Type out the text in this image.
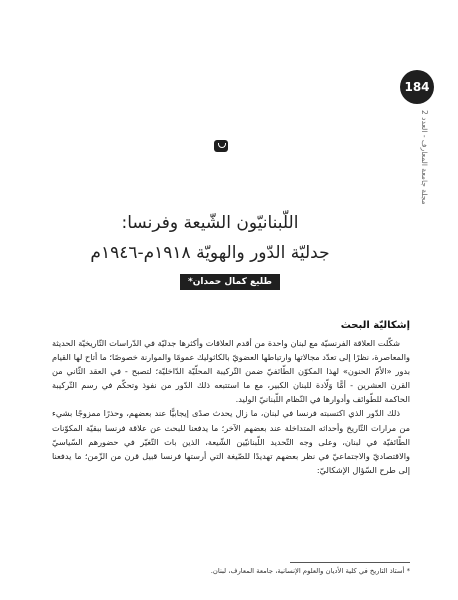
184
مجلة جامعة المعارف - العدد 2
اللّبنانيّون الشّيعة وفرنسا:
جدليّة الدّور والهويّة ١٩١٨م-١٩٤٦م
طليع كمال حمدان*
إشكاليّة البحث

شكّلت العلاقة الفرنسيّة مع لبنان واحدة من أقدم العلاقات وأكثرها جدليّة في الدّراسات التّاريخيّة الحديثة والمعاصرة، نظرًا إلى تعدّد مجالاتها وارتباطها العضويّ بالكاثوليك عمومًا والموارنة خصوصًا؛ ما أتاح لها القيام بدور «الأمّ الحنون» لهذا المكوّن الطّائفيّ ضمن التّركيبة المحلّيّة الدّاخليّة؛ لتصبح - في العقد الثّاني من القرن العشرين - أمًّا وَلّادة للبنان الكبير، مع ما استتبعه ذلك الدّور من نفوذ وتحكّم في رسم التّركيبة الحاكمة للطّوائف وأدوارها في النّظام اللّبنانيّ الوليد.

ذلك الدّور الذي اكتسبته فرنسا في لبنان، ما زال يحدث صدًى إيجابيًّا عند بعضهم، وحذرًا ممزوجًا بشيء من مرارات التّاريخ وأحداثه المتداخلة عند بعضهم الآخر؛ ما يدفعنا للبحث عن علاقة فرنسا ببقيّة المكوّنات الطّائفيّة في لبنان، وعلى وجه التّحديد اللّبنانيّين الشّيعة، الذين بات التّغيّر في حضورهم السّياسيّ والاقتصاديّ والاجتماعيّ في نظر بعضهم تهديدًا للصّيغة التي أرستها فرنسا قبيل قرن من الزّمن؛ ما يدفعنا إلى طرح السّؤال الإشكاليّ:

* أستاذ التاريخ في كلية الأديان والعلوم الإنسانية، جامعة المعارف، لبنان.
